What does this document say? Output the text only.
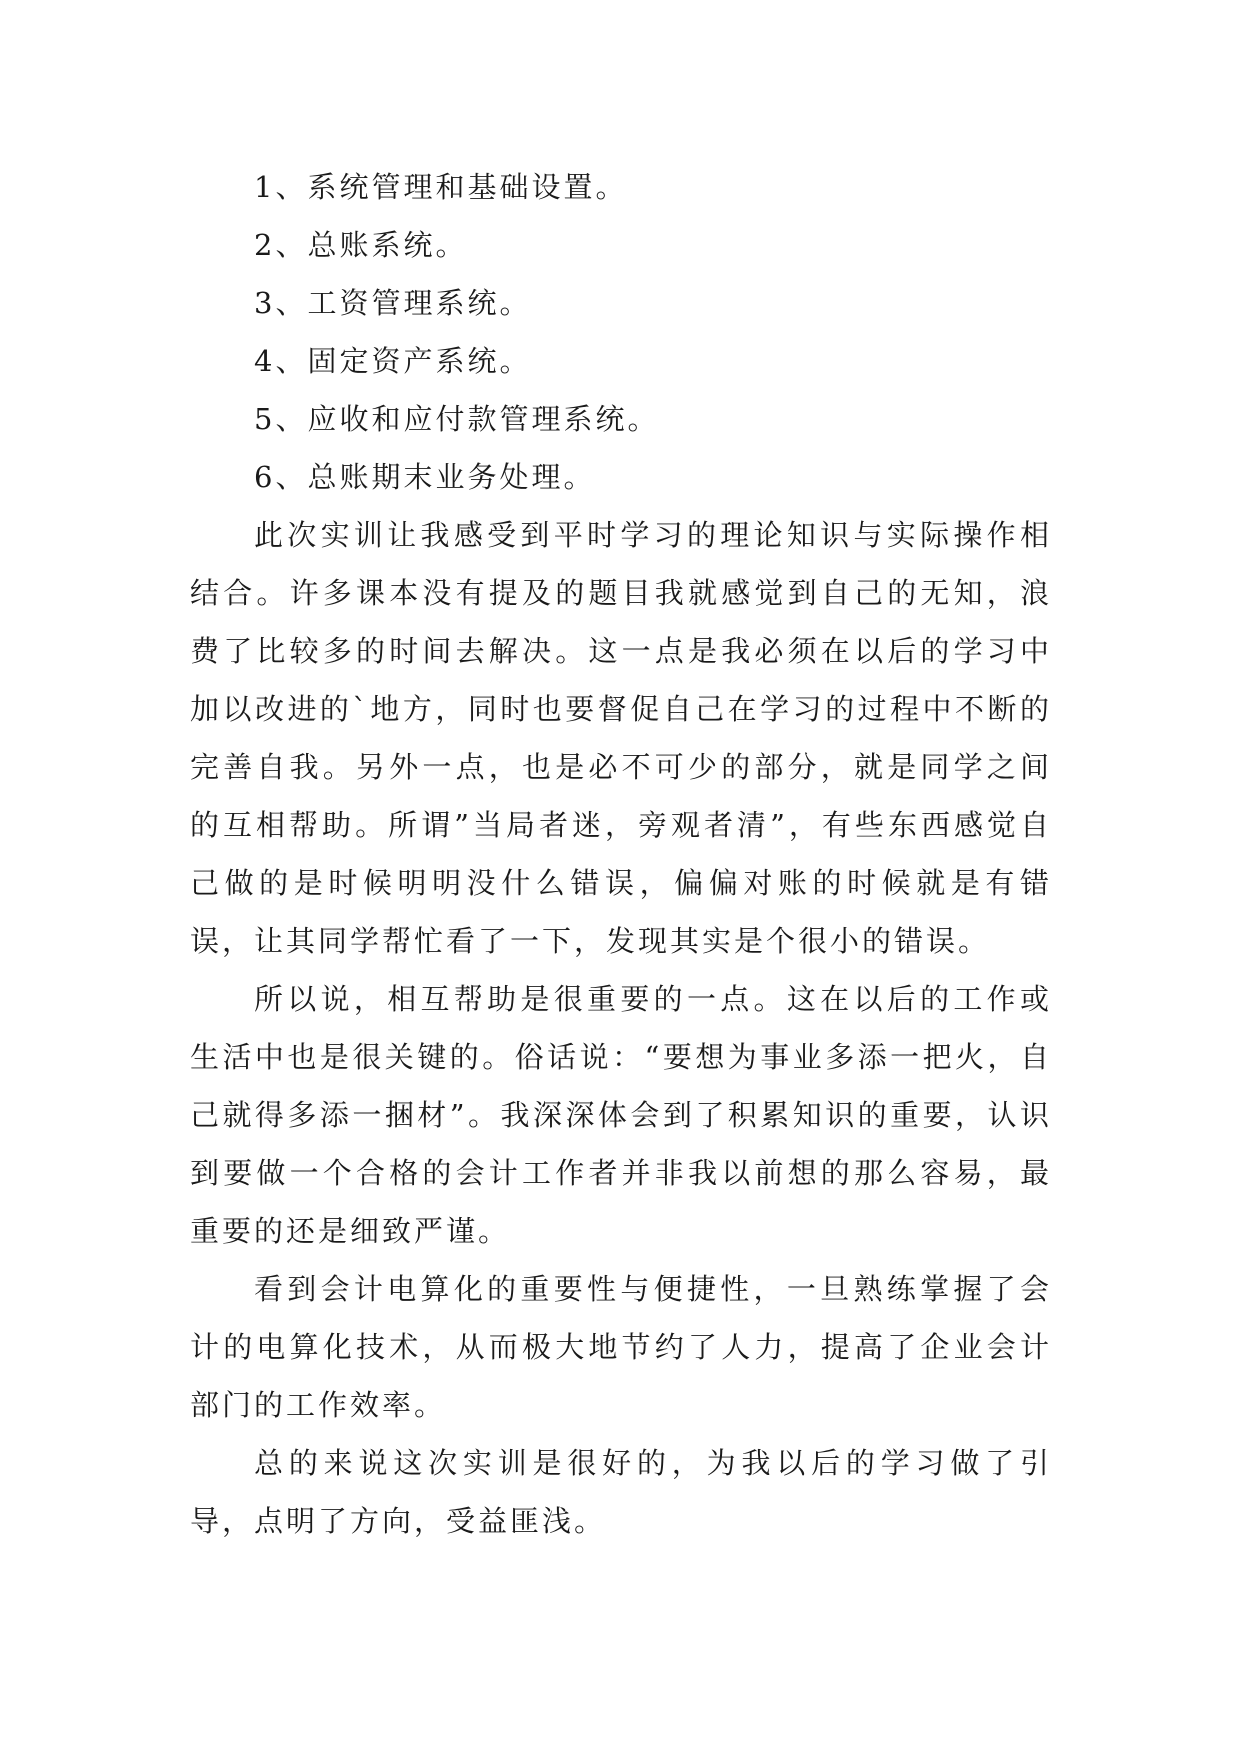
1、系统管理和基础设置。
2、总账系统。
3、工资管理系统。
4、固定资产系统。
5、应收和应付款管理系统。
6、总账期末业务处理。

此次实训让我感受到平时学习的理论知识与实际操作相结合。许多课本没有提及的题目我就感觉到自己的无知，浪费了比较多的时间去解决。这一点是我必须在以后的学习中加以改进的`地方，同时也要督促自己在学习的过程中不断的完善自我。另外一点，也是必不可少的部分，就是同学之间的互相帮助。所谓”当局者迷，旁观者清”，有些东西感觉自己做的是时候明明没什么错误，偏偏对账的时候就是有错误，让其同学帮忙看了一下，发现其实是个很小的错误。

所以说，相互帮助是很重要的一点。这在以后的工作或生活中也是很关键的。俗话说：“要想为事业多添一把火，自己就得多添一捆材”。我深深体会到了积累知识的重要，认识到要做一个合格的会计工作者并非我以前想的那么容易，最重要的还是细致严谨。

看到会计电算化的重要性与便捷性，一旦熟练掌握了会计的电算化技术，从而极大地节约了人力，提高了企业会计部门的工作效率。

总的来说这次实训是很好的，为我以后的学习做了引导，点明了方向，受益匪浅。
